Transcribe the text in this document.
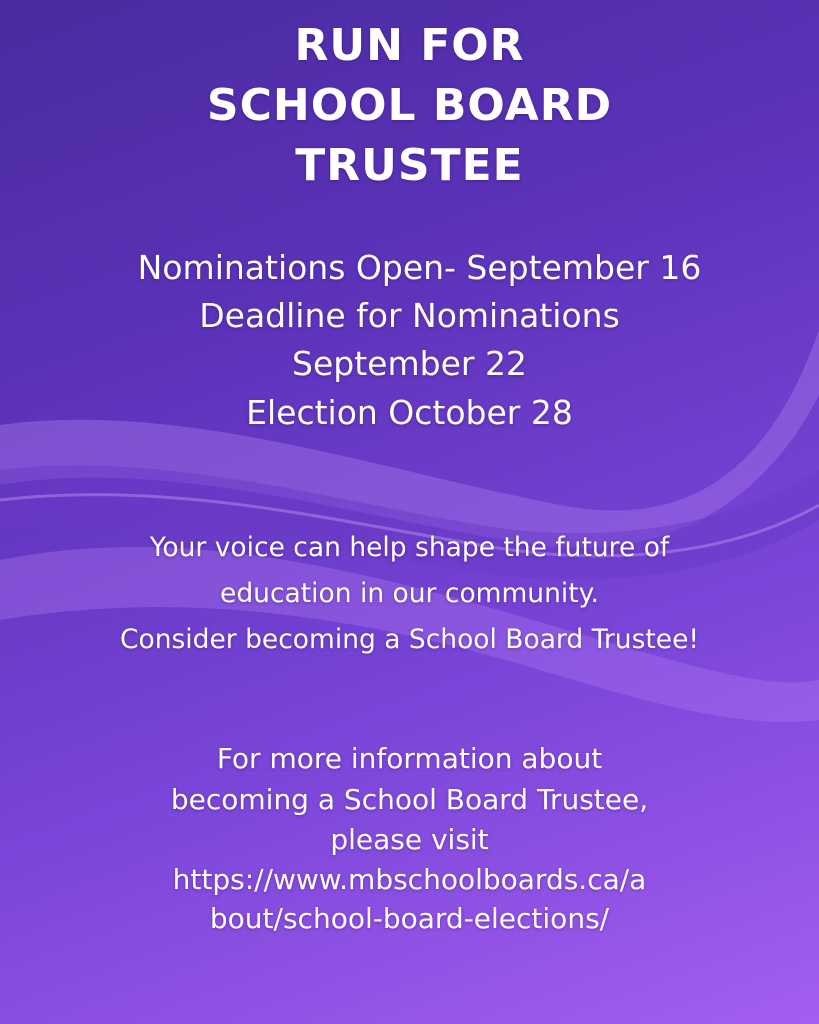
RUN FOR
SCHOOL BOARD
TRUSTEE
Nominations Open- September 16
Deadline for Nominations
September 22
Election October 28
Your voice can help shape the future of
education in our community.
Consider becoming a School Board Trustee!
For more information about
becoming a School Board Trustee,
please visit
https://www.mbschoolboards.ca/a
bout/school-board-elections/
